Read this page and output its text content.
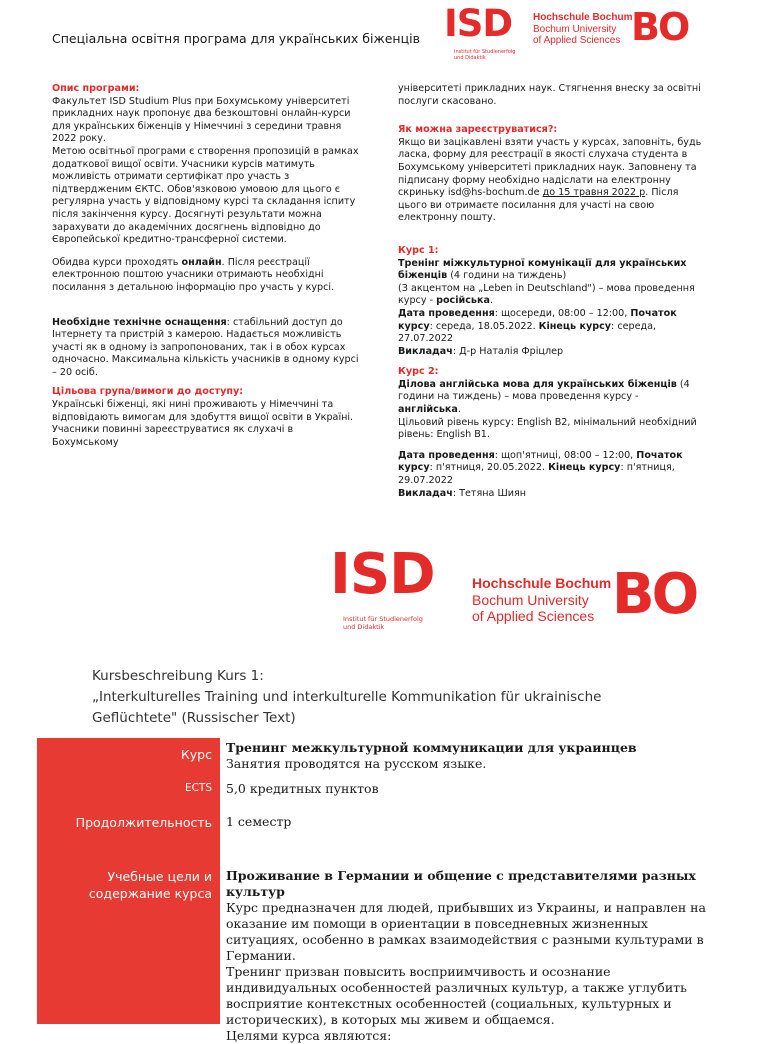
Спеціальна освітня програма для українських біженців ISD
Institut für Studienerfolg
und Didaktik
Hochschule Bochum
Bochum University
of Applied Sciences BO

Опис програми:

Факультет ISD Studium Plus при Бохумському університеті прикладних наук пропонує два безкоштовні онлайн-курси для українських біженців у Німеччині з середини травня 2022 року.

Метою освітньої програми є створення пропозицій в рамках додаткової вищої освіти. Учасники курсів матимуть можливість отримати сертифікат про участь з підтвердженим ЄКТС. Обов'язковою умовою для цього є регулярна участь у відповідному курсі та складання іспиту після закінчення курсу. Досягнуті результати можна зарахувати до академічних досягнень відповідно до Європейської кредитно-трансферної системи.

Обидва курси проходять онлайн. Після реєстрації електронною поштою учасники отримають необхідні посилання з детальною інформацію про участь у курсі.

Необхідне технічне оснащення: стабільний доступ до Інтернету та пристрій з камерою. Надається можливість участі як в одному із запропонованих, так і в обох курсах одночасно. Максимальна кількість учасників в одному курсі – 20 осіб.

Цільова група/вимоги до доступу:

Українські біженці, які нині проживають у Німеччині та відповідають вимогам для здобуття вищої освіти в Україні. Учасники повинні зареєструватися як слухачі в Бохумському

університеті прикладних наук. Стягнення внеску за освітні послуги скасовано.

Як можна зареєструватися?:

Якщо ви зацікавлені взяти участь у курсах, заповніть, будь ласка, форму для реєстрації в якості слухача студента в Бохумському університеті прикладних наук. Заповнену та підписану форму необхідно надіслати на електронну скриньку isd@hs-bochum.de до 15 травня 2022 р. Після цього ви отримаєте посилання для участі на свою електронну пошту.

Курс 1:

Тренінг міжкультурної комунікації для українських біженців (4 години на тиждень)

(З акцентом на „Leben in Deutschland") – мова проведення курсу - російська.

Дата проведення: щосереди, 08:00 – 12:00, Початок курсу: середа, 18.05.2022. Кінець курсу: середа, 27.07.2022

Викладач: Д-р Наталія Фріцлер

Курс 2:

Ділова англійська мова для українських біженців (4 години на тиждень) – мова проведення курсу - англійська.

Цільовий рівень курсу: English B2, мінімальний необхідний рівень: English B1.

Дата проведення: щоп'ятниці, 08:00 – 12:00, Початок курсу: п'ятниця, 20.05.2022. Кінець курсу: п'ятниця, 29.07.2022

Викладач: Тетяна Шиян

ISD
Institut für Studienerfolg
und Didaktik
Hochschule Bochum
Bochum University
of Applied Sciences BO
Kursbeschreibung Kurs 1:
„Interkulturelles Training und interkulturelle Kommunikation für ukrainische
Geflüchtete" (Russischer Text)
Курс Тренинг межкультурной коммуникации для украинцев
Занятия проводятся на русском языке.
ECTS 5,0 кредитных пунктов
Продолжительность 1 семестр
Учебные цели и содержание курса
Проживание в Германии и общение с представителями разных культур
Курс предназначен для людей, прибывших из Украины, и направлен на оказание им помощи в ориентации в повседневных жизненных ситуациях, особенно в рамках взаимодействия с разными культурами в Германии.
Тренинг призван повысить восприимчивость и осознание индивидуальных особенностей различных культур, а также углубить восприятие контекстных особенностей (социальных, культурных и исторических), в которых мы живем и общаемся.
Целями курса являются:
